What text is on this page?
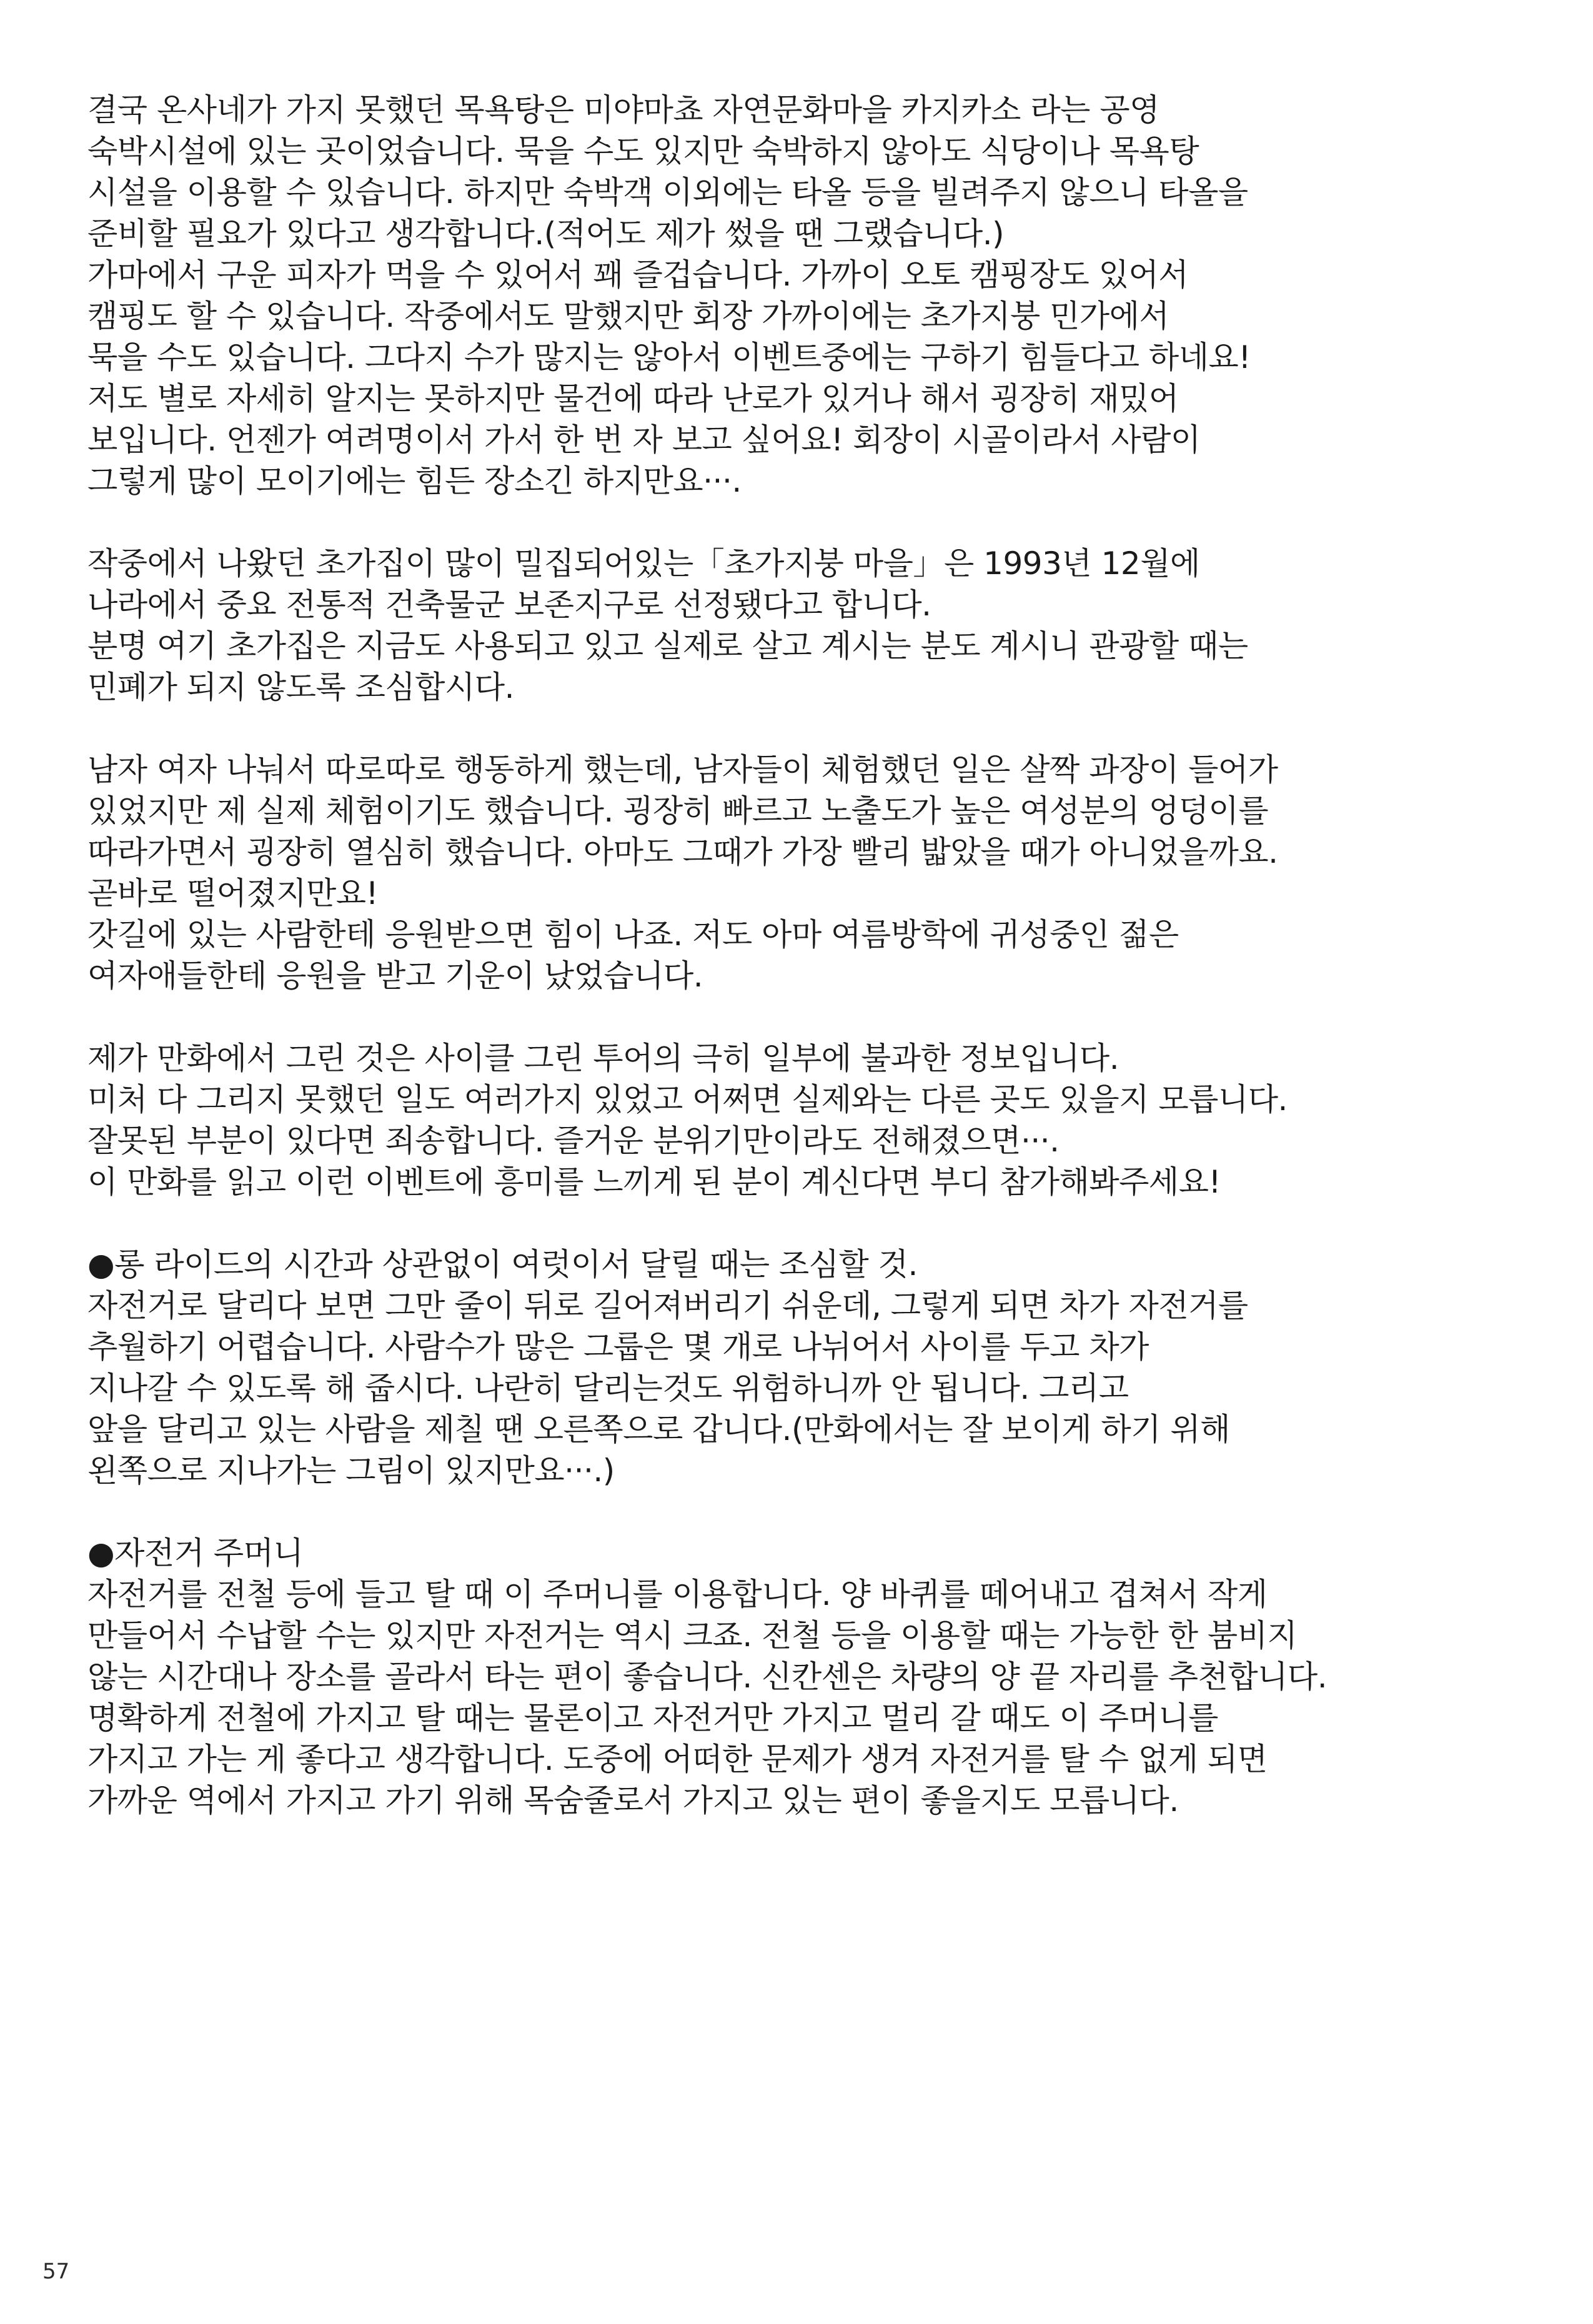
결국 온사네가 가지 못했던 목욕탕은 미야마쵸 자연문화마을 카지카소 라는 공영
숙박시설에 있는 곳이었습니다. 묵을 수도 있지만 숙박하지 않아도 식당이나 목욕탕
시설을 이용할 수 있습니다. 하지만 숙박객 이외에는 타올 등을 빌려주지 않으니 타올을
준비할 필요가 있다고 생각합니다.(적어도 제가 썼을 땐 그랬습니다.)
가마에서 구운 피자가 먹을 수 있어서 꽤 즐겁습니다. 가까이 오토 캠핑장도 있어서
캠핑도 할 수 있습니다. 작중에서도 말했지만 회장 가까이에는 초가지붕 민가에서
묵을 수도 있습니다. 그다지 수가 많지는 않아서 이벤트중에는 구하기 힘들다고 하네요!
저도 별로 자세히 알지는 못하지만 물건에 따라 난로가 있거나 해서 굉장히 재밌어
보입니다. 언젠가 여려명이서 가서 한 번 자 보고 싶어요! 회장이 시골이라서 사람이
그렇게 많이 모이기에는 힘든 장소긴 하지만요···.
작중에서 나왔던 초가집이 많이 밀집되어있는「초가지붕 마을」은 1993년 12월에
나라에서 중요 전통적 건축물군 보존지구로 선정됐다고 합니다.
분명 여기 초가집은 지금도 사용되고 있고 실제로 살고 계시는 분도 계시니 관광할 때는
민폐가 되지 않도록 조심합시다.
남자 여자 나눠서 따로따로 행동하게 했는데, 남자들이 체험했던 일은 살짝 과장이 들어가
있었지만 제 실제 체험이기도 했습니다. 굉장히 빠르고 노출도가 높은 여성분의 엉덩이를
따라가면서 굉장히 열심히 했습니다. 아마도 그때가 가장 빨리 밟았을 때가 아니었을까요.
곧바로 떨어졌지만요!
갓길에 있는 사람한테 응원받으면 힘이 나죠. 저도 아마 여름방학에 귀성중인 젊은
여자애들한테 응원을 받고 기운이 났었습니다.
제가 만화에서 그린 것은 사이클 그린 투어의 극히 일부에 불과한 정보입니다.
미처 다 그리지 못했던 일도 여러가지 있었고 어쩌면 실제와는 다른 곳도 있을지 모릅니다.
잘못된 부분이 있다면 죄송합니다. 즐거운 분위기만이라도 전해졌으면···.
이 만화를 읽고 이런 이벤트에 흥미를 느끼게 된 분이 계신다면 부디 참가해봐주세요!
●롱 라이드의 시간과 상관없이 여럿이서 달릴 때는 조심할 것.
자전거로 달리다 보면 그만 줄이 뒤로 길어져버리기 쉬운데, 그렇게 되면 차가 자전거를
추월하기 어렵습니다. 사람수가 많은 그룹은 몇 개로 나뉘어서 사이를 두고 차가
지나갈 수 있도록 해 줍시다. 나란히 달리는것도 위험하니까 안 됩니다. 그리고
앞을 달리고 있는 사람을 제칠 땐 오른쪽으로 갑니다.(만화에서는 잘 보이게 하기 위해
왼쪽으로 지나가는 그림이 있지만요···.)
●자전거 주머니
자전거를 전철 등에 들고 탈 때 이 주머니를 이용합니다. 양 바퀴를 떼어내고 겹쳐서 작게
만들어서 수납할 수는 있지만 자전거는 역시 크죠. 전철 등을 이용할 때는 가능한 한 붐비지
않는 시간대나 장소를 골라서 타는 편이 좋습니다. 신칸센은 차량의 양 끝 자리를 추천합니다.
명확하게 전철에 가지고 탈 때는 물론이고 자전거만 가지고 멀리 갈 때도 이 주머니를
가지고 가는 게 좋다고 생각합니다. 도중에 어떠한 문제가 생겨 자전거를 탈 수 없게 되면
가까운 역에서 가지고 가기 위해 목숨줄로서 가지고 있는 편이 좋을지도 모릅니다.
57
